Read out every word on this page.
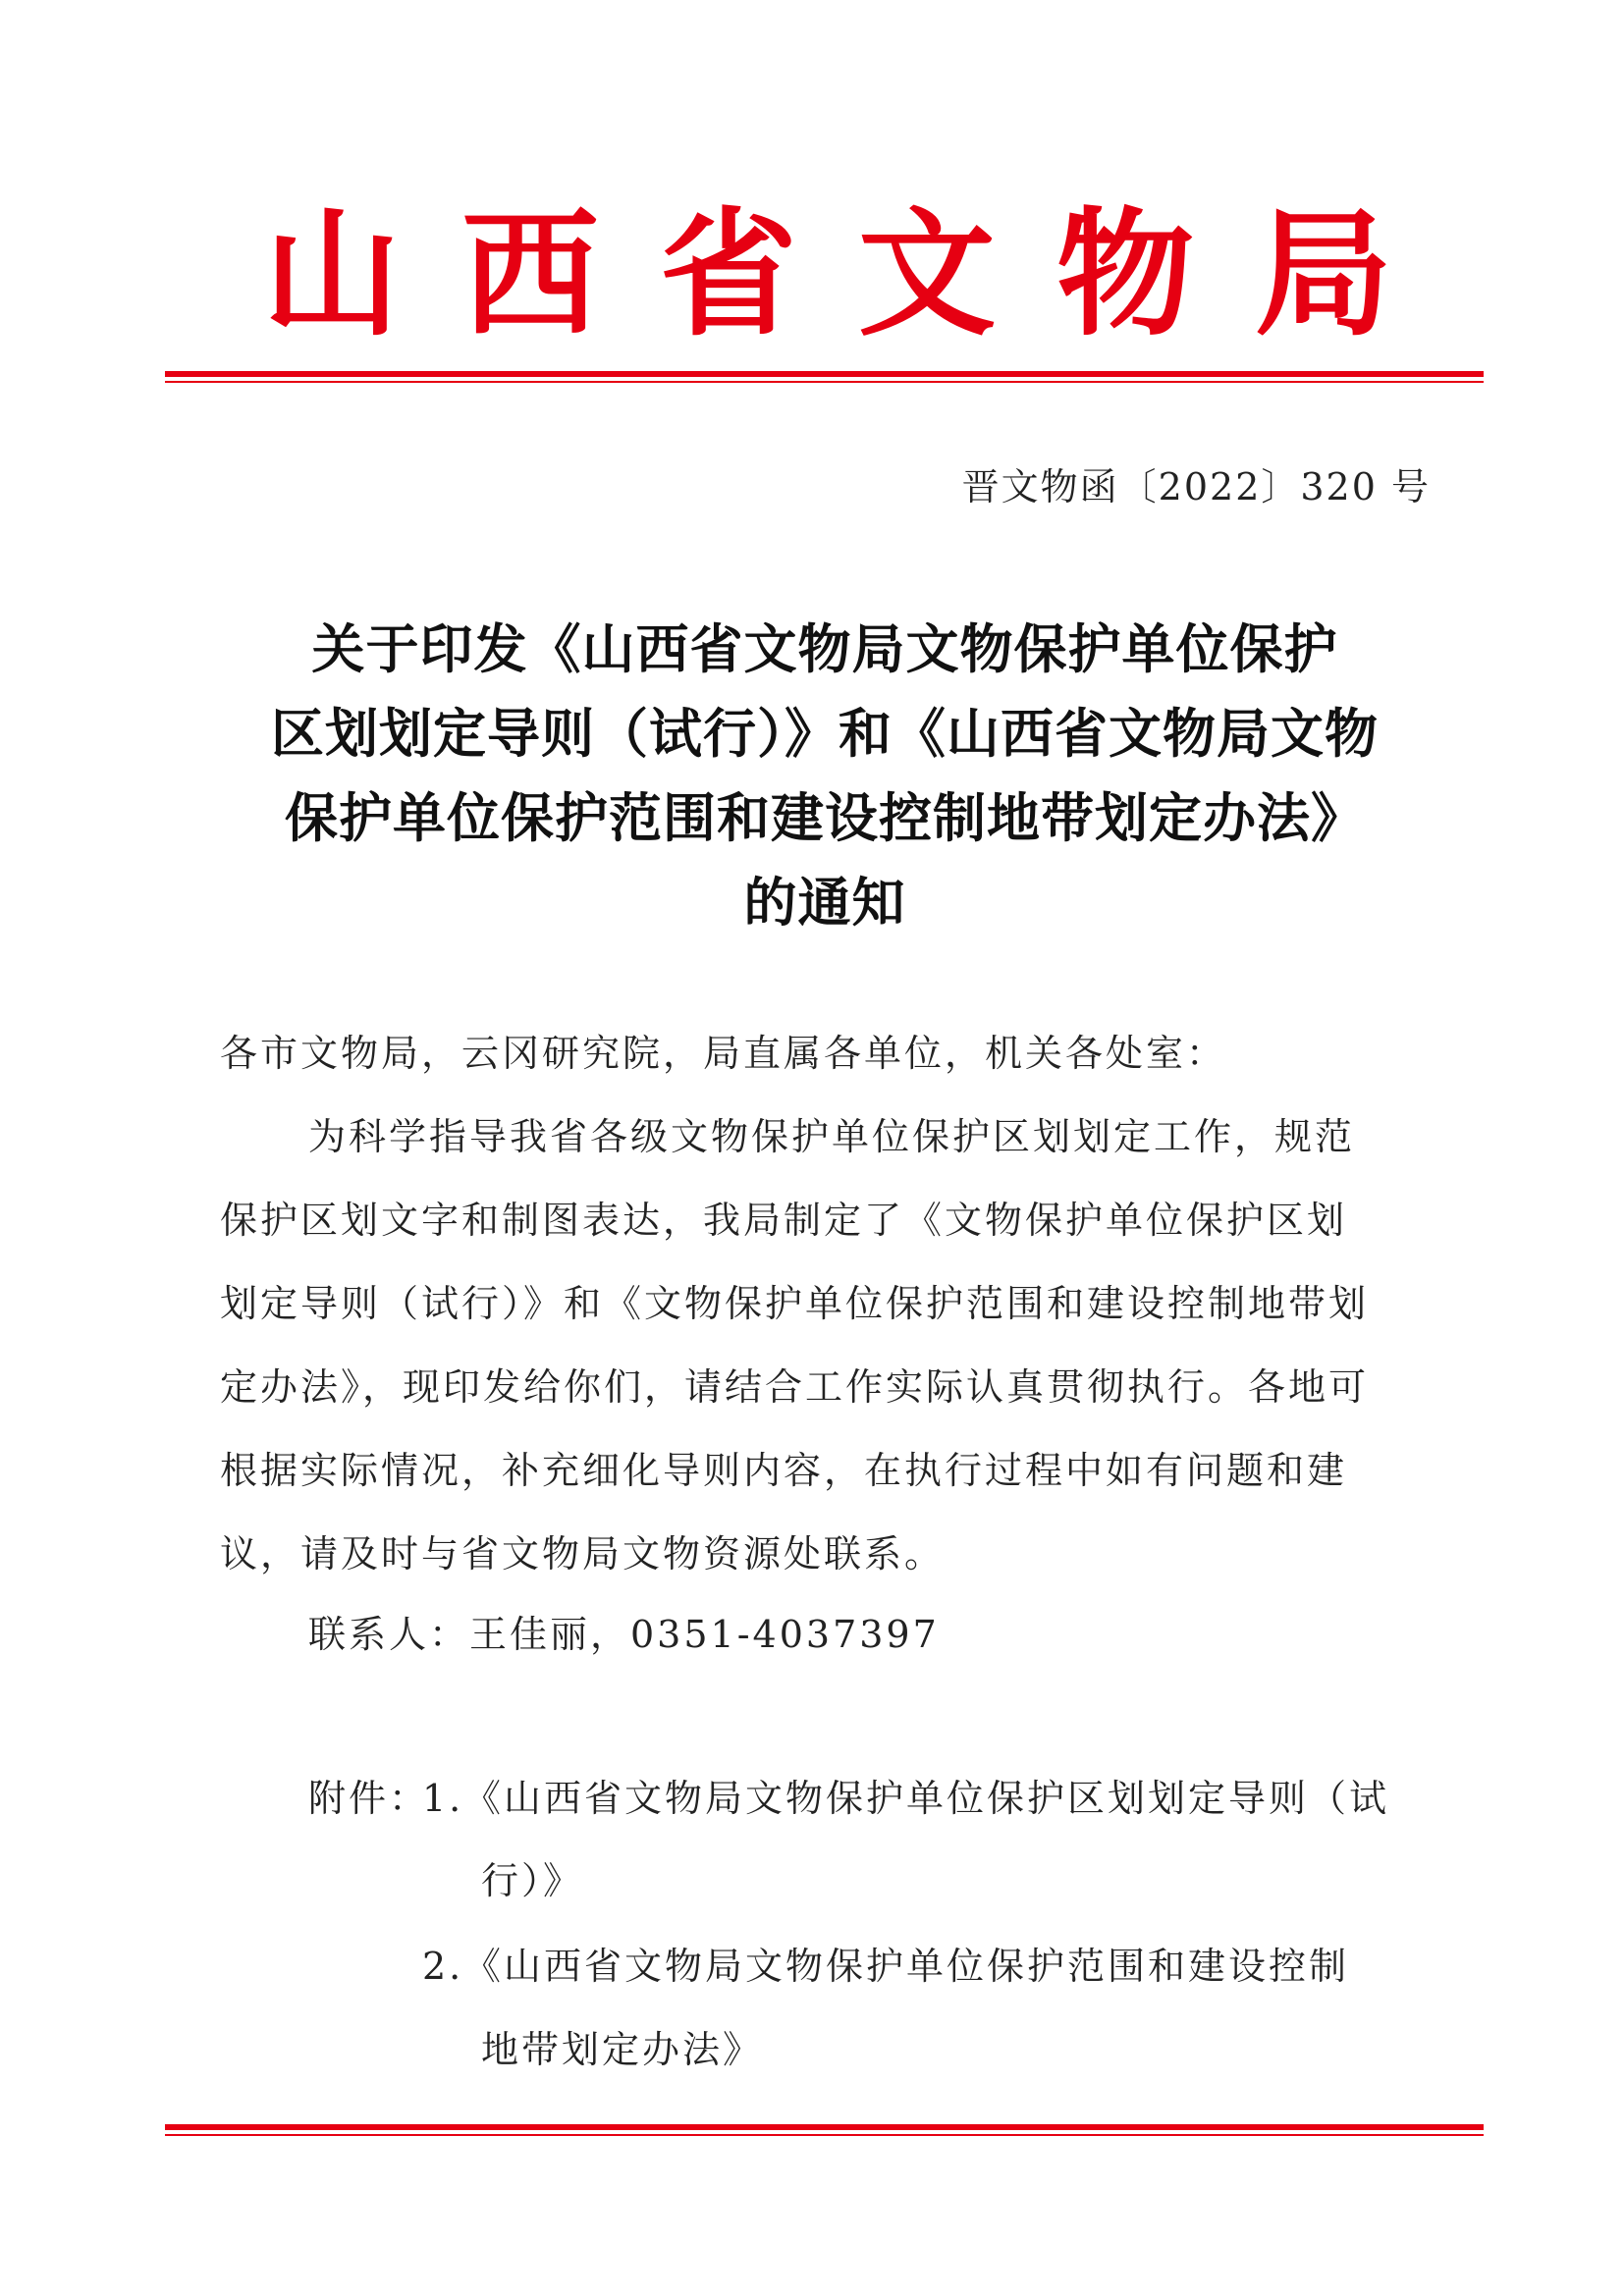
山 西 省 文 物 局
晋文物函〔2022〕320 号
关于印发《山西省文物局文物保护单位保护
区划划定导则（试行）》和《山西省文物局文物
保护单位保护范围和建设控制地带划定办法》
的通知
各市文物局，云冈研究院，局直属各单位，机关各处室：
为科学指导我省各级文物保护单位保护区划划定工作，规范
保护区划文字和制图表达，我局制定了《文物保护单位保护区划
划定导则（试行）》和《文物保护单位保护范围和建设控制地带划
定办法》，现印发给你们，请结合工作实际认真贯彻执行。各地可
根据实际情况，补充细化导则内容，在执行过程中如有问题和建
议，请及时与省文物局文物资源处联系。
联系人：王佳丽，0351-4037397
附件：
1. 《山西省文物局文物保护单位保护区划划定导则（试
行）》
2. 《山西省文物局文物保护单位保护范围和建设控制
地带划定办法》
